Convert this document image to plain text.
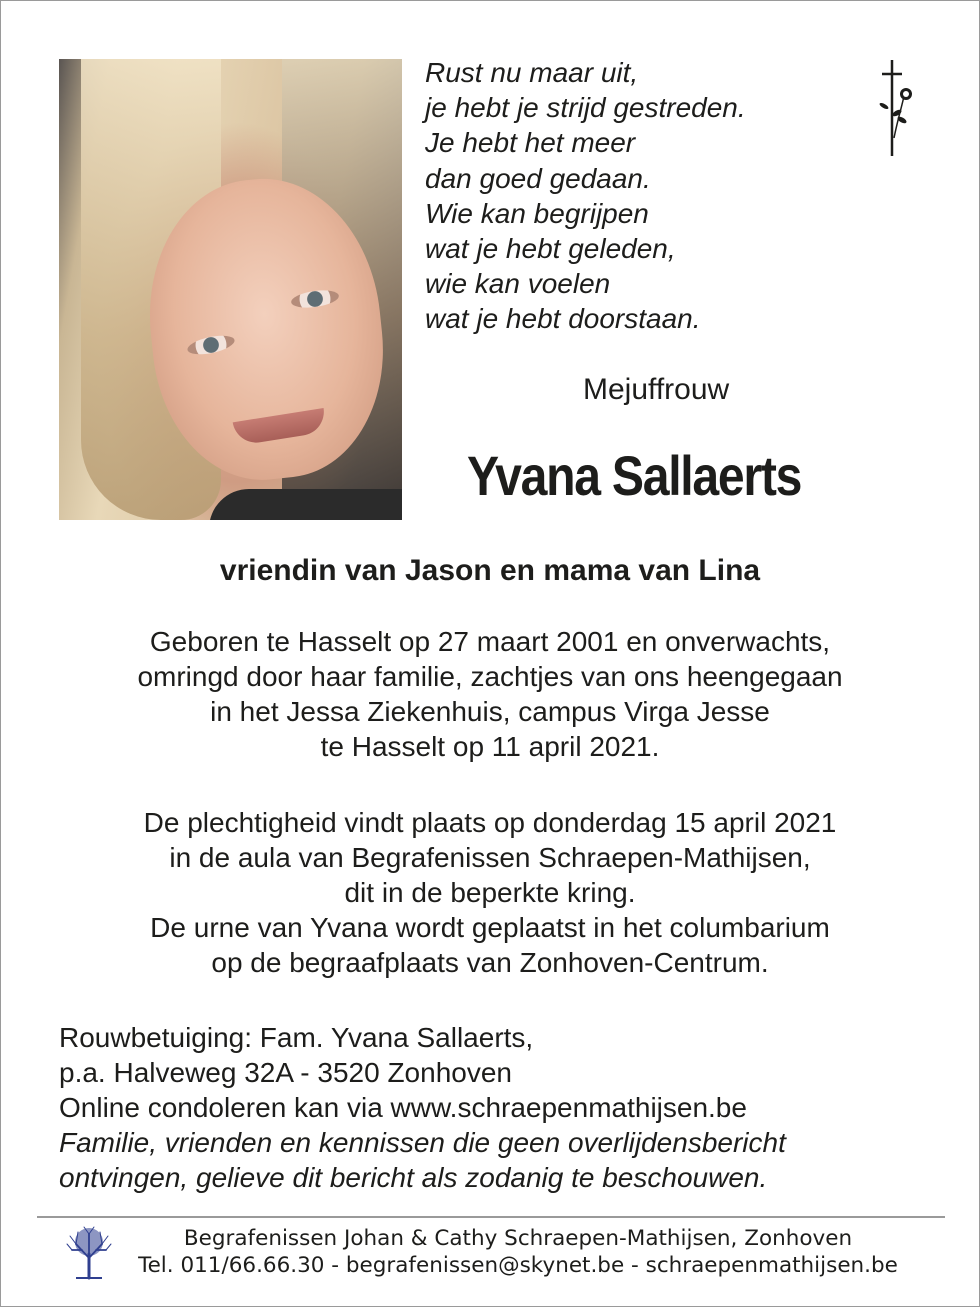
Rust nu maar uit,
je hebt je strijd gestreden.
Je hebt het meer
dan goed gedaan.
Wie kan begrijpen
wat je hebt geleden,
wie kan voelen
wat je hebt doorstaan.
Mejuffrouw
Yvana Sallaerts
vriendin van Jason en mama van Lina
Geboren te Hasselt op 27 maart 2001 en onverwachts,
omringd door haar familie, zachtjes van ons heengegaan
in het Jessa Ziekenhuis, campus Virga Jesse
te Hasselt op 11 april 2021.
De plechtigheid vindt plaats op donderdag 15 april 2021
in de aula van Begrafenissen Schraepen-Mathijsen,
dit in de beperkte kring.
De urne van Yvana wordt geplaatst in het columbarium
op de begraafplaats van Zonhoven-Centrum.
Rouwbetuiging: Fam. Yvana Sallaerts,
p.a. Halveweg 32A - 3520 Zonhoven
Online condoleren kan via www.schraepenmathijsen.be
Familie, vrienden en kennissen die geen overlijdensbericht
ontvingen, gelieve dit bericht als zodanig te beschouwen.
Begrafenissen Johan & Cathy Schraepen-Mathijsen, Zonhoven
Tel. 011/66.66.30 - begrafenissen@skynet.be - schraepenmathijsen.be
